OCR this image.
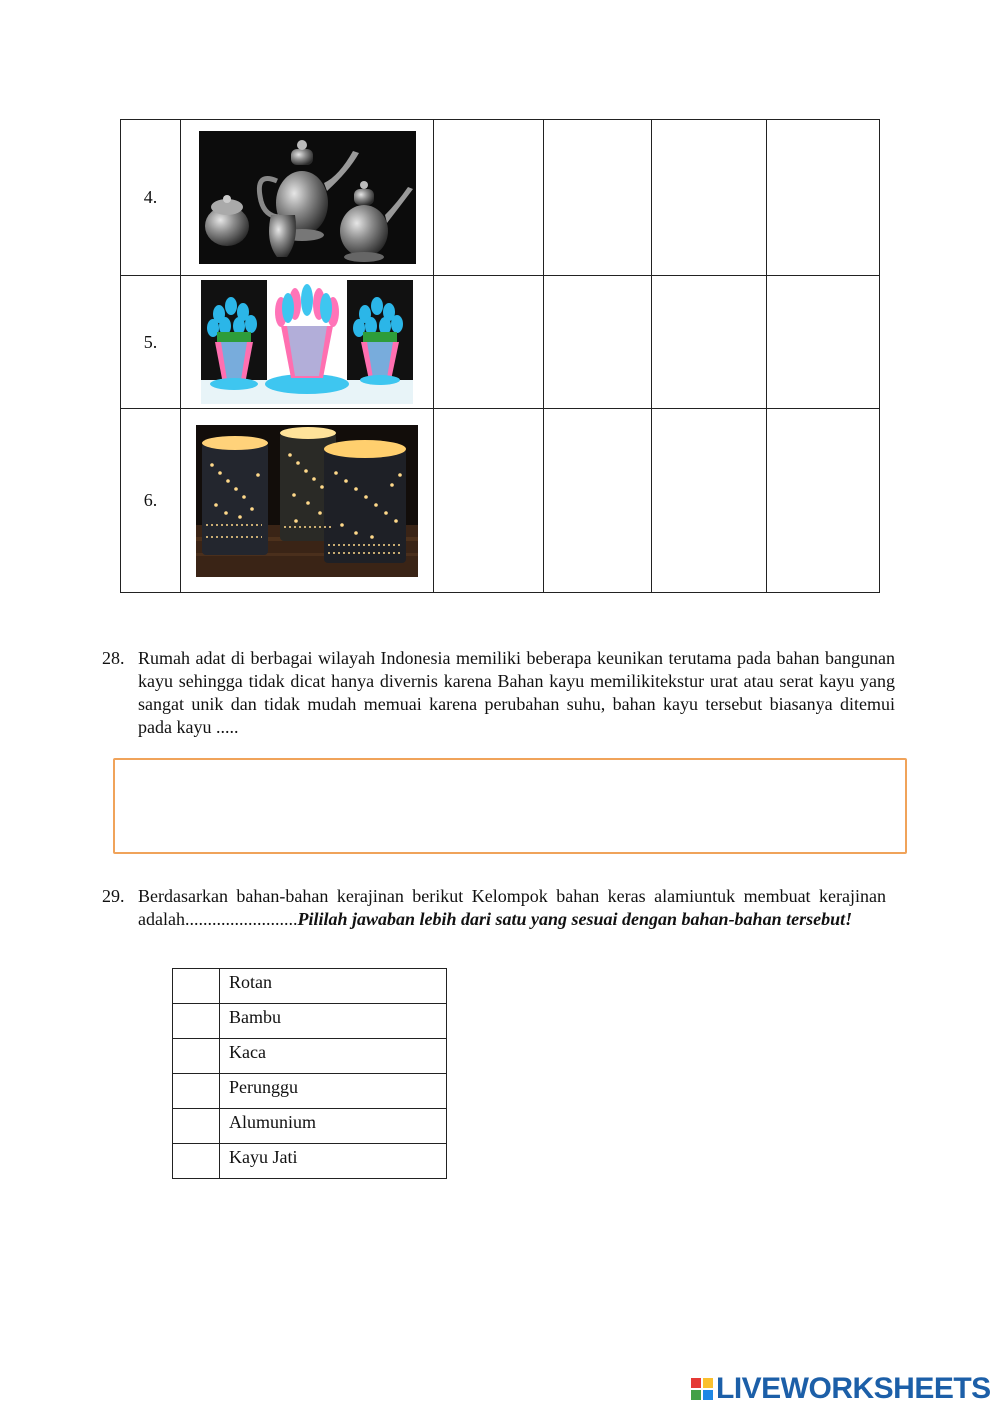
4.	

5.	

6.	

28. Rumah adat di berbagai wilayah Indonesia memiliki beberapa keunikan terutama pada bahan bangunan kayu sehingga tidak dicat hanya divernis karena Bahan kayu memilikitekstur urat atau serat kayu yang sangat unik dan tidak mudah memuai karena perubahan suhu, bahan kayu tersebut biasanya ditemui pada kayu .....
29. Berdasarkan bahan-bahan kerajinan berikut Kelompok bahan keras alamiuntuk membuat kerajinan adalah.........................Pililah jawaban lebih dari satu yang sesuai dengan bahan-bahan tersebut!
	Rotan
	Bambu
	Kaca
	Perunggu
	Alumunium
	Kayu Jati
LIVEWORKSHEETS
